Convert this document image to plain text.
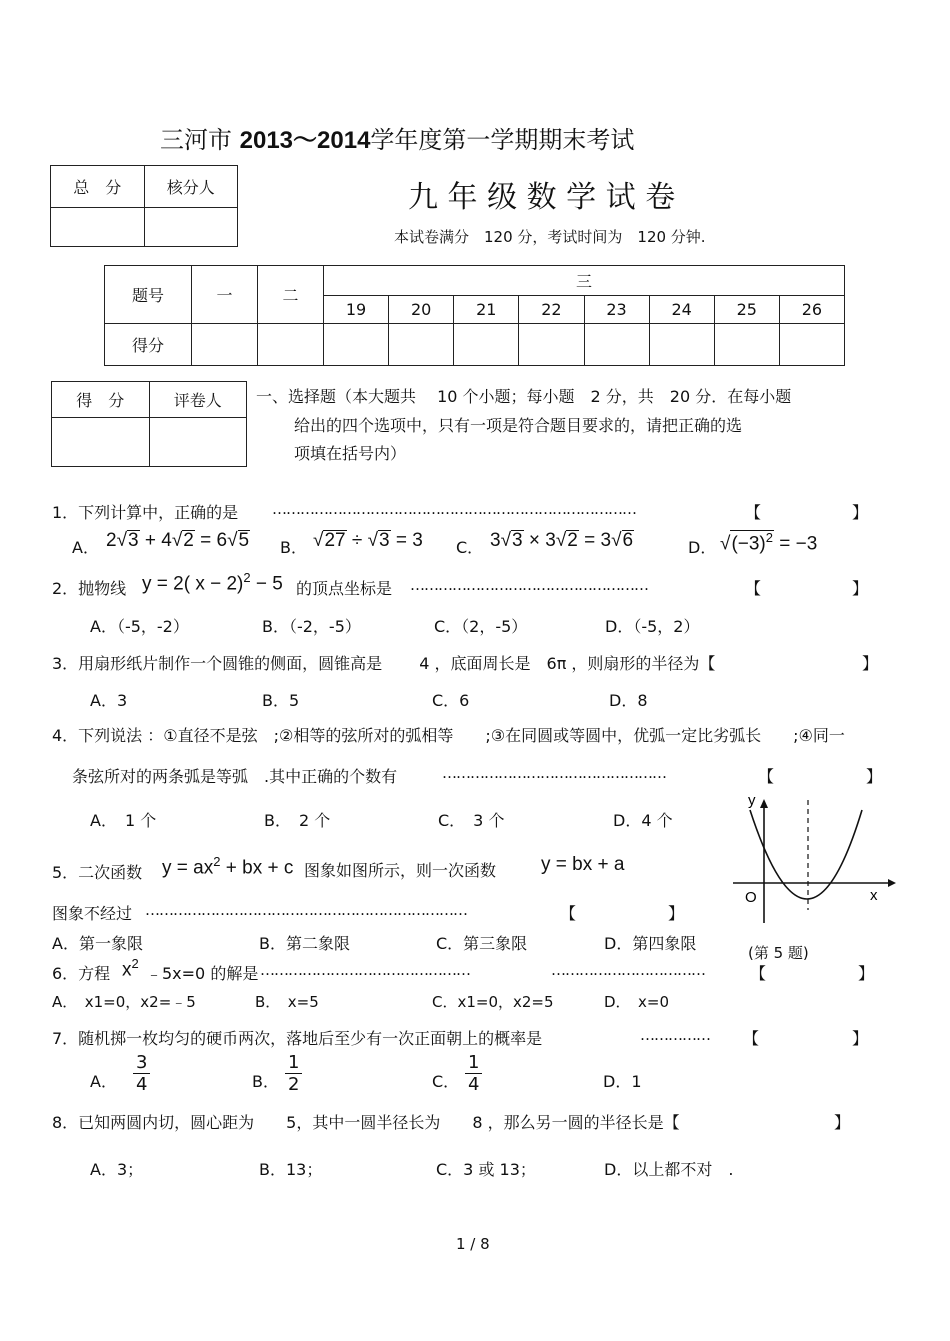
三河市 2013～2014学年度第一学期期末考试
总　分	核分人
		九 年 级 数 学 试 卷
本试卷满分　120 分，考试时间为　120 分钟.
题号	一	二	三							
			19	20	21	22	23	24	25	26
得分										
得　分	评卷人
	一、选择题（本大题共　 10 个小题；每小题　2 分，共　20 分．在每小题
给出的四个选项中，只有一项是符合题目要求的，请把正确的选
项填在括号内）
1．下列计算中，正确的是 ……………………………………………………………………	【	】
A． 2√3 + 4√2 = 6√5 B． √27 ÷ √3 = 3 C． 3√3 × 3√2 = 3√6	D． $√(-3)^2 = -3$
2．抛物线 y = 2( x − 2)$^2$ − 5 的顶点坐标是 ……………………………………………	【	】
A．（-5，-2）	B．（-2，-5）	C．（2，-5）	D．（-5，2）
3．用扇形纸片制作一个圆锥的侧面，圆锥高是　　 4 ，底面周长是　6π ，则扇形的半径为【	】
A．3	B．5	C．6	D．8
4．下列说法 ：①直径不是弦　;②相等的弦所对的弧相等　　;③在同圆或等圆中，优弧一定比劣弧长　　;④同一
条弦所对的两条弧是等弧　.其中正确的个数有	…………………………………………	【	】
A．　1 个	B．　2 个	C．　3 个	D．4 个
y
x
O
5．二次函数 $y = ax^2$ + bx + c 图象如图所示，则一次函数 y = bx + a
图象不经过 ……………………………………………………………	【	】
A．第一象限	B．第二象限	C．第三象限	D．第四象限	(第 5 题)
6．方程 $x^2$
﹣5x=0 的解是 ………………………………………	……………………………	【	】
A．　x1=0，x2=﹣5	B．　x=5	C．x1=0，x2=5	D．　x=0
7．随机掷一枚均匀的硬币两次，落地后至少有一次正面朝上的概率是	…………… 【	】
A． $\frac{3}{4}$	B． $\frac{1}{2}$	C． $\frac{1}{4}$	D．1
8．已知两圆内切，圆心距为　　5，其中一圆半径长为　　8 ，那么另一圆的半径长是【	】
A．3；	B．13；	C．3 或 13；	D．以上都不对　.
1 / 8
